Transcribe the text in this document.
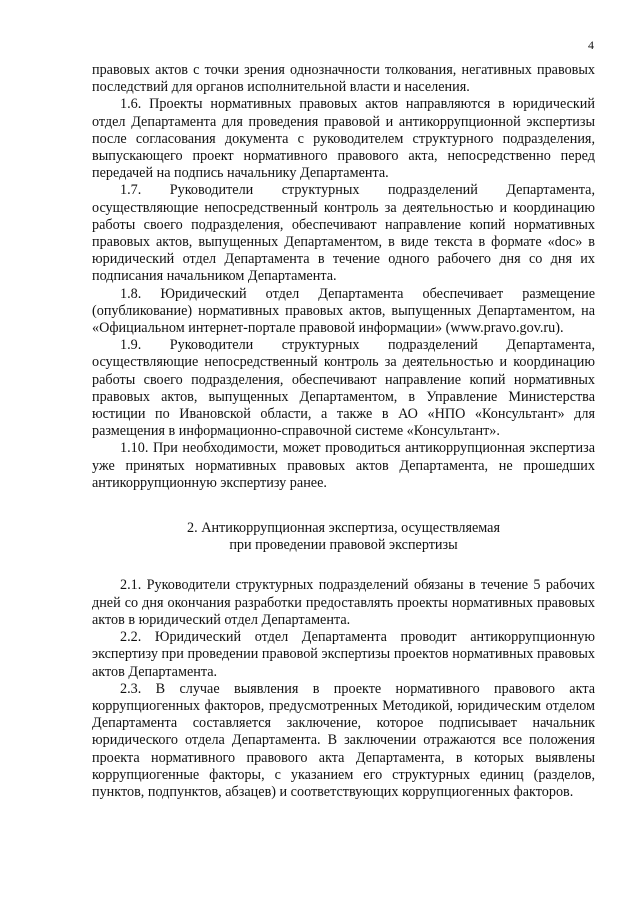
4

правовых актов с точки зрения однозначности толкования, негативных правовых последствий для органов исполнительной власти и населения.

1.6. Проекты нормативных правовых актов направляются в юридический отдел Департамента для проведения правовой и антикоррупционной экспертизы после согласования документа с руководителем структурного подразделения, выпускающего проект нормативного правового акта, непосредственно перед передачей на подпись начальнику Департамента.

1.7. Руководители структурных подразделений Департамента, осуществляющие непосредственный контроль за деятельностью и координацию работы своего подразделения, обеспечивают направление копий нормативных правовых актов, выпущенных Департаментом, в виде текста в формате «doc» в юридический отдел Департамента в течение одного рабочего дня со дня их подписания начальником Департамента.

1.8. Юридический отдел Департамента обеспечивает размещение (опубликование) нормативных правовых актов, выпущенных Департаментом, на «Официальном интернет-портале правовой информации» (www.pravo.gov.ru).

1.9. Руководители структурных подразделений Департамента, осуществляющие непосредственный контроль за деятельностью и координацию работы своего подразделения, обеспечивают направление копий нормативных правовых актов, выпущенных Департаментом, в Управление Министерства юстиции по Ивановской области, а также в АО «НПО «Консультант» для размещения в информационно-справочной системе «Консультант».

1.10. При необходимости, может проводиться антикоррупционная экспертиза уже принятых нормативных правовых актов Департамента, не прошедших антикоррупционную экспертизу ранее.

2. Антикоррупционная экспертиза, осуществляемая

при проведении правовой экспертизы

2.1. Руководители структурных подразделений обязаны в течение 5 рабочих дней со дня окончания разработки предоставлять проекты нормативных правовых актов в юридический отдел Департамента.

2.2. Юридический отдел Департамента проводит антикоррупционную экспертизу при проведении правовой экспертизы проектов нормативных правовых актов Департамента.

2.3. В случае выявления в проекте нормативного правового акта коррупциогенных факторов, предусмотренных Методикой, юридическим отделом Департамента составляется заключение, которое подписывает начальник юридического отдела Департамента. В заключении отражаются все положения проекта нормативного правового акта Департамента, в которых выявлены коррупциогенные факторы, с указанием его структурных единиц (разделов, пунктов, подпунктов, абзацев) и соответствующих коррупциогенных факторов.
